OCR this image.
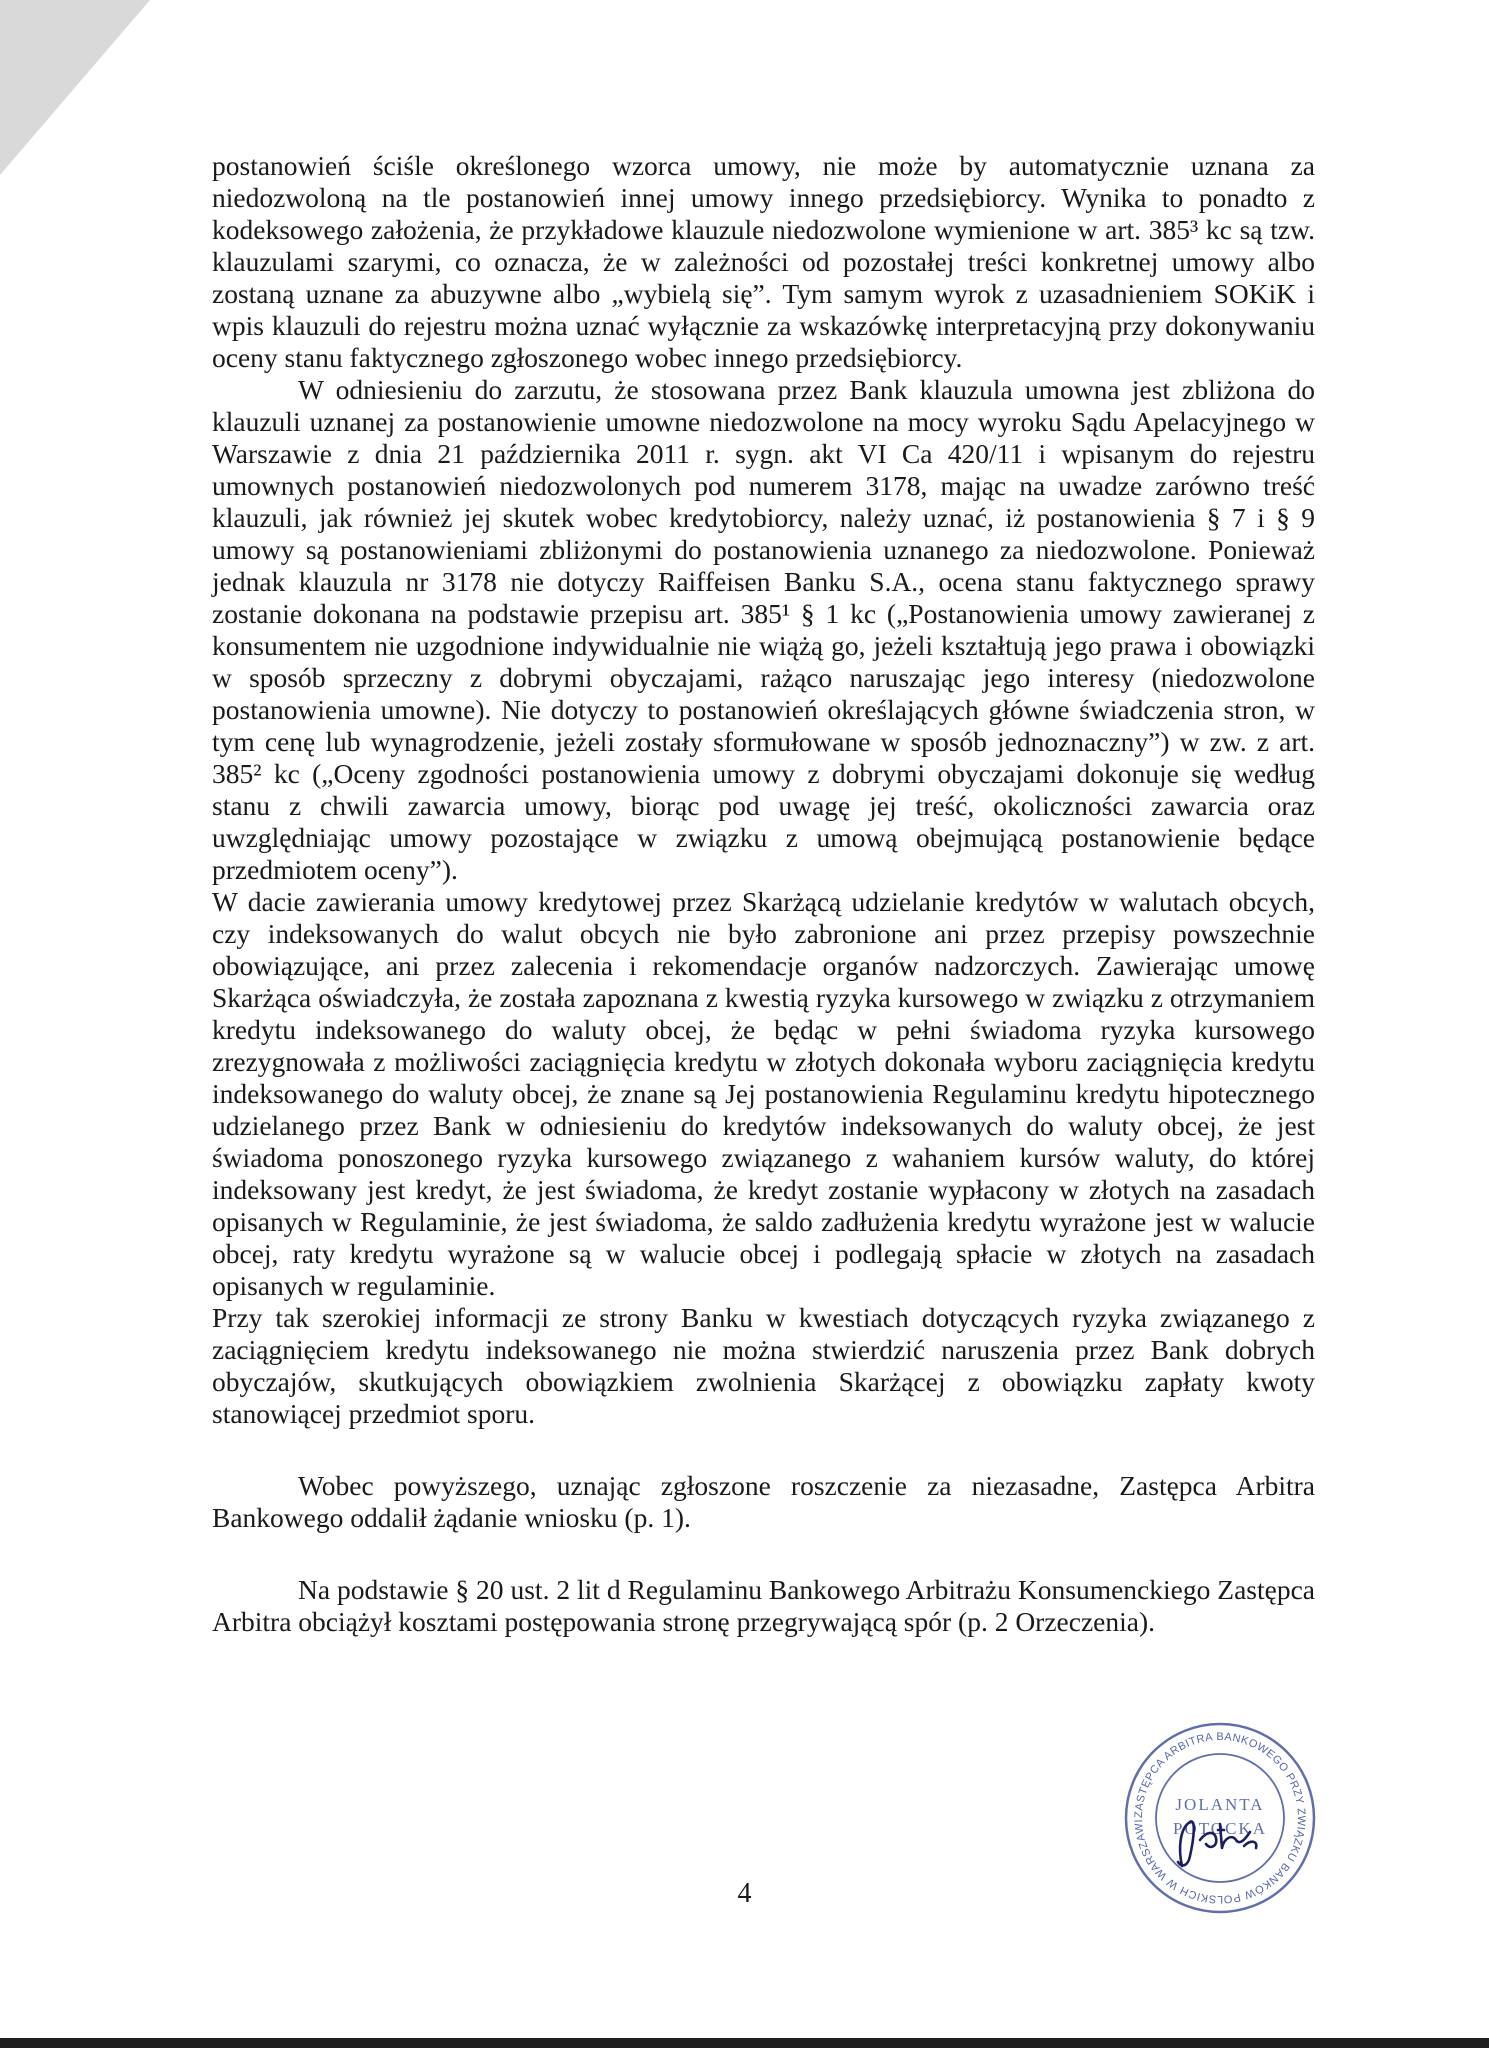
postanowień ściśle określonego wzorca umowy, nie może by automatycznie uznana za niedozwoloną na tle postanowień innej umowy innego przedsiębiorcy. Wynika to ponadto z kodeksowego założenia, że przykładowe klauzule niedozwolone wymienione w art. 385³ kc są tzw. klauzulami szarymi, co oznacza, że w zależności od pozostałej treści konkretnej umowy albo zostaną uznane za abuzywne albo „wybielą się”. Tym samym wyrok z uzasadnieniem SOKiK i wpis klauzuli do rejestru można uznać wyłącznie za wskazówkę interpretacyjną przy dokonywaniu oceny stanu faktycznego zgłoszonego wobec innego przedsiębiorcy.

W odniesieniu do zarzutu, że stosowana przez Bank klauzula umowna jest zbliżona do klauzuli uznanej za postanowienie umowne niedozwolone na mocy wyroku Sądu Apelacyjnego w Warszawie z dnia 21 października 2011 r. sygn. akt VI Ca 420/11 i wpisanym do rejestru umownych postanowień niedozwolonych pod numerem 3178, mając na uwadze zarówno treść klauzuli, jak również jej skutek wobec kredytobiorcy, należy uznać, iż postanowienia § 7 i § 9 umowy są postanowieniami zbliżonymi do postanowienia uznanego za niedozwolone. Ponieważ jednak klauzula nr 3178 nie dotyczy Raiffeisen Banku S.A., ocena stanu faktycznego sprawy zostanie dokonana na podstawie przepisu art. 385¹ § 1 kc („Postanowienia umowy zawieranej z konsumentem nie uzgodnione indywidualnie nie wiążą go, jeżeli kształtują jego prawa i obowiązki w sposób sprzeczny z dobrymi obyczajami, rażąco naruszając jego interesy (niedozwolone postanowienia umowne). Nie dotyczy to postanowień określających główne świadczenia stron, w tym cenę lub wynagrodzenie, jeżeli zostały sformułowane w sposób jednoznaczny”) w zw. z art. 385² kc („Oceny zgodności postanowienia umowy z dobrymi obyczajami dokonuje się według stanu z chwili zawarcia umowy, biorąc pod uwagę jej treść, okoliczności zawarcia oraz uwzględniając umowy pozostające w związku z umową obejmującą postanowienie będące przedmiotem oceny”).

W dacie zawierania umowy kredytowej przez Skarżącą udzielanie kredytów w walutach obcych, czy indeksowanych do walut obcych nie było zabronione ani przez przepisy powszechnie obowiązujące, ani przez zalecenia i rekomendacje organów nadzorczych. Zawierając umowę Skarżąca oświadczyła, że została zapoznana z kwestią ryzyka kursowego w związku z otrzymaniem kredytu indeksowanego do waluty obcej, że będąc w pełni świadoma ryzyka kursowego zrezygnowała z możliwości zaciągnięcia kredytu w złotych dokonała wyboru zaciągnięcia kredytu indeksowanego do waluty obcej, że znane są Jej postanowienia Regulaminu kredytu hipotecznego udzielanego przez Bank w odniesieniu do kredytów indeksowanych do waluty obcej, że jest świadoma ponoszonego ryzyka kursowego związanego z wahaniem kursów waluty, do której indeksowany jest kredyt, że jest świadoma, że kredyt zostanie wypłacony w złotych na zasadach opisanych w Regulaminie, że jest świadoma, że saldo zadłużenia kredytu wyrażone jest w walucie obcej, raty kredytu wyrażone są w walucie obcej i podlegają spłacie w złotych na zasadach opisanych w regulaminie.

Przy tak szerokiej informacji ze strony Banku w kwestiach dotyczących ryzyka związanego z zaciągnięciem kredytu indeksowanego nie można stwierdzić naruszenia przez Bank dobrych obyczajów, skutkujących obowiązkiem zwolnienia Skarżącej z obowiązku zapłaty kwoty stanowiącej przedmiot sporu.

Wobec powyższego, uznając zgłoszone roszczenie za niezasadne, Zastępca Arbitra Bankowego oddalił żądanie wniosku (p. 1).

Na podstawie § 20 ust. 2 lit d Regulaminu Bankowego Arbitrażu Konsumenckiego Zastępca Arbitra obciążył kosztami postępowania stronę przegrywającą spór (p. 2 Orzeczenia).

ZASTĘPCA ARBITRA BANKOWEGO PRZY ZWIĄZKU BANKÓW POLSKICH W WARSZAWI
JOLANTA
POTOCKA
4
